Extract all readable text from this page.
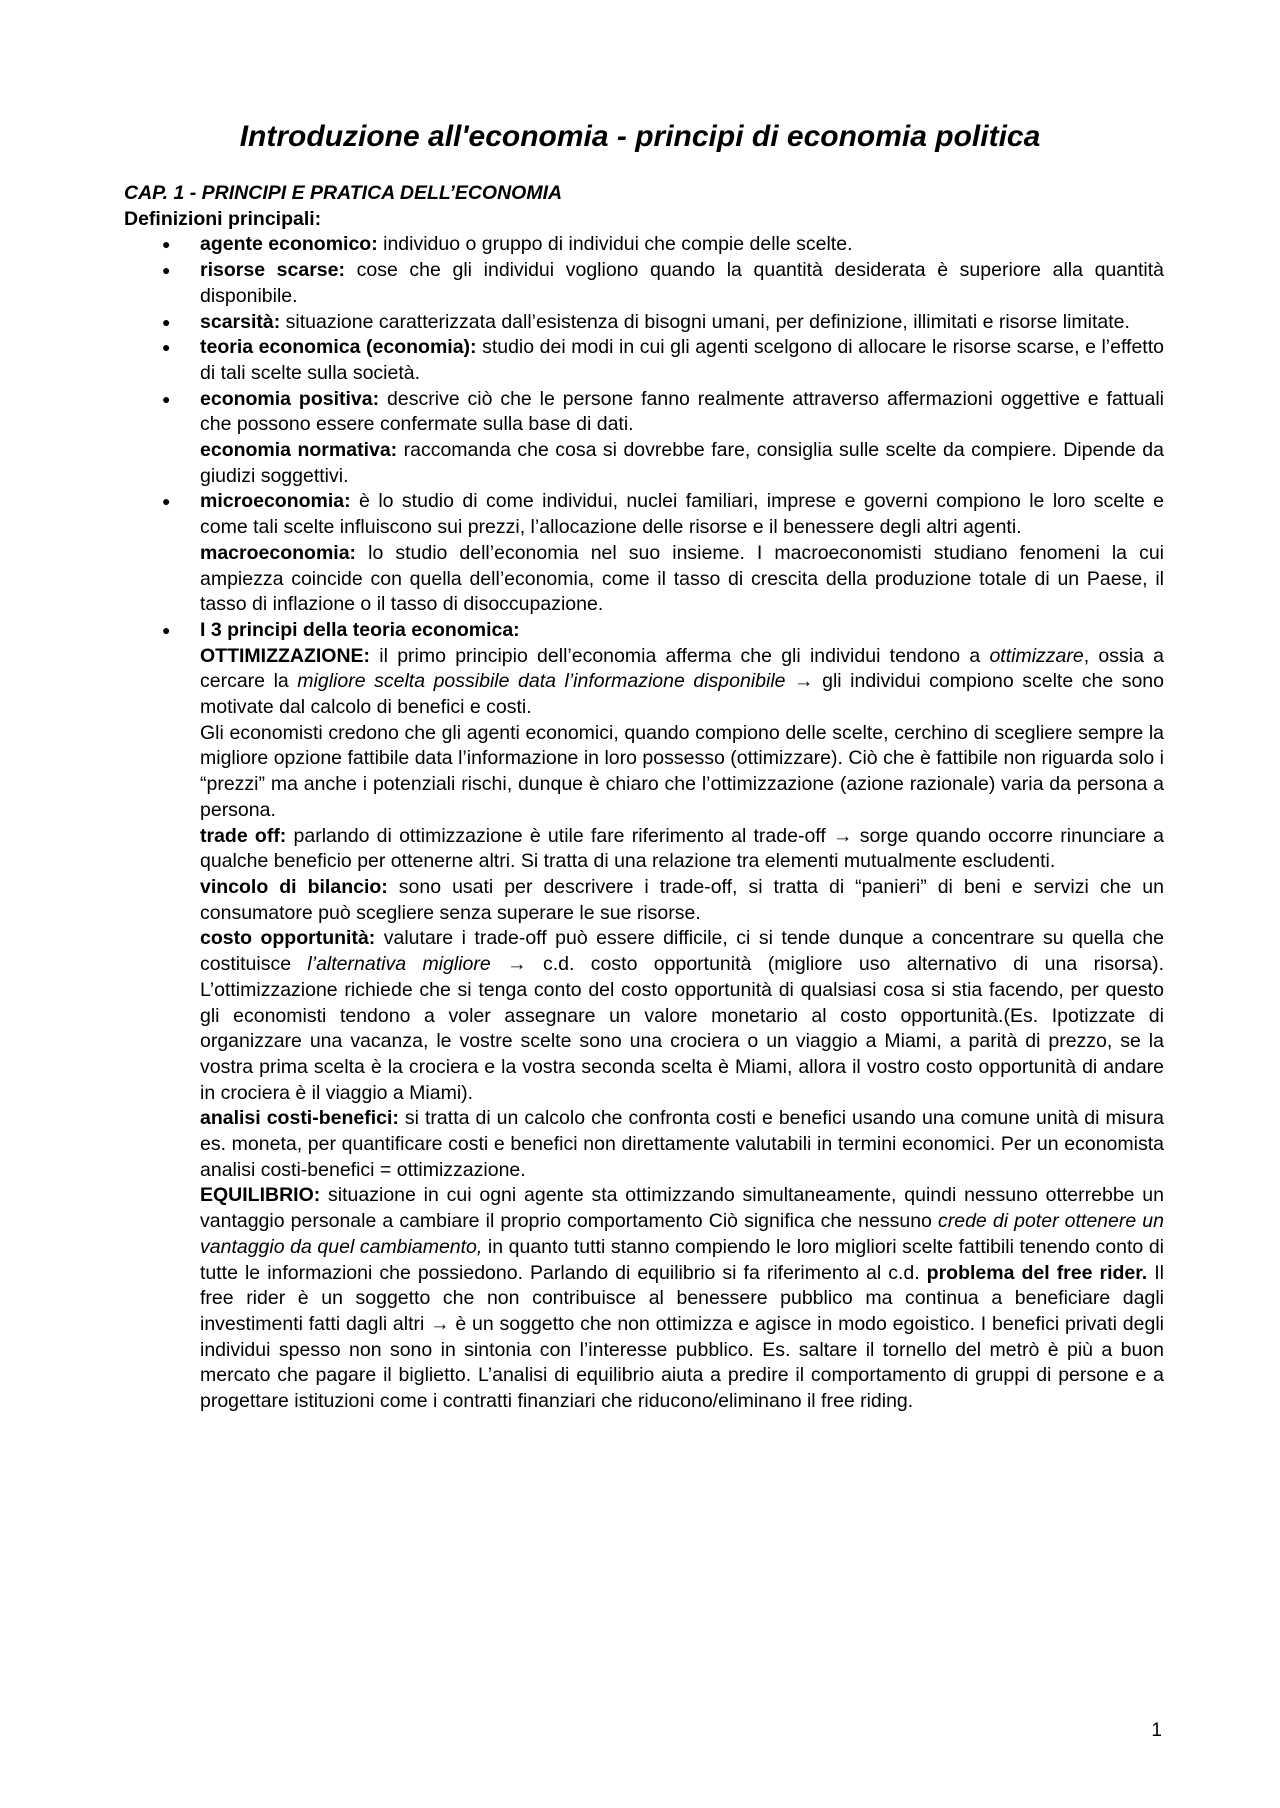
Introduzione all'economia - principi di economia politica

CAP. 1 - PRINCIPI E PRATICA DELL’ECONOMIA

Definizioni principali:

● agente economico: individuo o gruppo di individui che compie delle scelte.

● risorse scarse: cose che gli individui vogliono quando la quantità desiderata è superiore alla quantità disponibile.

● scarsità: situazione caratterizzata dall’esistenza di bisogni umani, per definizione, illimitati e risorse limitate.

● teoria economica (economia): studio dei modi in cui gli agenti scelgono di allocare le risorse scarse, e l’effetto di tali scelte sulla società.

● economia positiva: descrive ciò che le persone fanno realmente attraverso affermazioni oggettive e fattuali che possono essere confermate sulla base di dati.

economia normativa: raccomanda che cosa si dovrebbe fare, consiglia sulle scelte da compiere. Dipende da giudizi soggettivi.

● microeconomia: è lo studio di come individui, nuclei familiari, imprese e governi compiono le loro scelte e come tali scelte influiscono sui prezzi, l’allocazione delle risorse e il benessere degli altri agenti.

macroeconomia: lo studio dell’economia nel suo insieme. I macroeconomisti studiano fenomeni la cui ampiezza coincide con quella dell’economia, come il tasso di crescita della produzione totale di un Paese, il tasso di inflazione o il tasso di disoccupazione.

● I 3 principi della teoria economica:

OTTIMIZZAZIONE: il primo principio dell’economia afferma che gli individui tendono a ottimizzare, ossia a cercare la migliore scelta possibile data l’informazione disponibile → gli individui compiono scelte che sono motivate dal calcolo di benefici e costi.

Gli economisti credono che gli agenti economici, quando compiono delle scelte, cerchino di scegliere sempre la migliore opzione fattibile data l’informazione in loro possesso (ottimizzare). Ciò che è fattibile non riguarda solo i “prezzi” ma anche i potenziali rischi, dunque è chiaro che l’ottimizzazione (azione razionale) varia da persona a persona.

trade off: parlando di ottimizzazione è utile fare riferimento al trade-off → sorge quando occorre rinunciare a qualche beneficio per ottenerne altri. Si tratta di una relazione tra elementi mutualmente escludenti.

vincolo di bilancio: sono usati per descrivere i trade-off, si tratta di “panieri” di beni e servizi che un consumatore può scegliere senza superare le sue risorse.

costo opportunità: valutare i trade-off può essere difficile, ci si tende dunque a concentrare su quella che costituisce l’alternativa migliore → c.d. costo opportunità (migliore uso alternativo di una risorsa). L’ottimizzazione richiede che si tenga conto del costo opportunità di qualsiasi cosa si stia facendo, per questo gli economisti tendono a voler assegnare un valore monetario al costo opportunità.(Es. Ipotizzate di organizzare una vacanza, le vostre scelte sono una crociera o un viaggio a Miami, a parità di prezzo, se la vostra prima scelta è la crociera e la vostra seconda scelta è Miami, allora il vostro costo opportunità di andare in crociera è il viaggio a Miami).

analisi costi-benefici: si tratta di un calcolo che confronta costi e benefici usando una comune unità di misura es. moneta, per quantificare costi e benefici non direttamente valutabili in termini economici. Per un economista analisi costi-benefici = ottimizzazione.

EQUILIBRIO: situazione in cui ogni agente sta ottimizzando simultaneamente, quindi nessuno otterrebbe un vantaggio personale a cambiare il proprio comportamento Ciò significa che nessuno crede di poter ottenere un vantaggio da quel cambiamento, in quanto tutti stanno compiendo le loro migliori scelte fattibili tenendo conto di tutte le informazioni che possiedono. Parlando di equilibrio si fa riferimento al c.d. problema del free rider. Il free rider è un soggetto che non contribuisce al benessere pubblico ma continua a beneficiare dagli investimenti fatti dagli altri → è un soggetto che non ottimizza e agisce in modo egoistico. I benefici privati degli individui spesso non sono in sintonia con l’interesse pubblico. Es. saltare il tornello del metrò è più a buon mercato che pagare il biglietto. L’analisi di equilibrio aiuta a predire il comportamento di gruppi di persone e a progettare istituzioni come i contratti finanziari che riducono/eliminano il free riding.

1
